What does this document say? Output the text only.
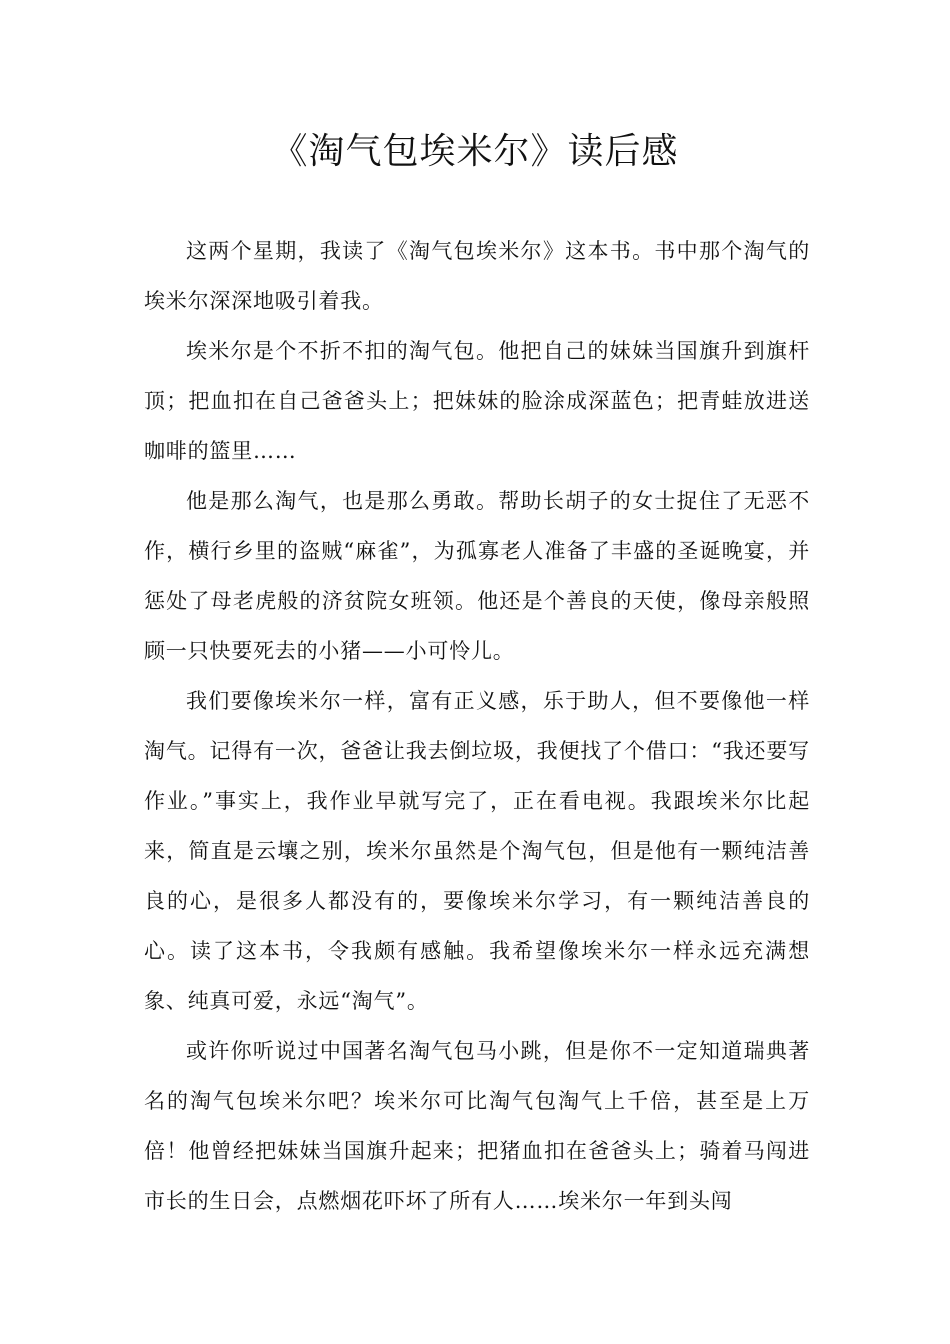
《淘气包埃米尔》读后感

这两个星期，我读了《淘气包埃米尔》这本书。书中那个淘气的埃米尔深深地吸引着我。

埃米尔是个不折不扣的淘气包。他把自己的妹妹当国旗升到旗杆顶；把血扣在自己爸爸头上；把妹妹的脸涂成深蓝色；把青蛙放进送咖啡的篮里……

他是那么淘气，也是那么勇敢。帮助长胡子的女士捉住了无恶不作，横行乡里的盗贼“麻雀”，为孤寡老人准备了丰盛的圣诞晚宴，并惩处了母老虎般的济贫院女班领。他还是个善良的天使，像母亲般照顾一只快要死去的小猪——小可怜儿。

我们要像埃米尔一样，富有正义感，乐于助人，但不要像他一样淘气。记得有一次，爸爸让我去倒垃圾，我便找了个借口：“我还要写作业。”事实上，我作业早就写完了，正在看电视。我跟埃米尔比起来，简直是云壤之别，埃米尔虽然是个淘气包，但是他有一颗纯洁善良的心，是很多人都没有的，要像埃米尔学习，有一颗纯洁善良的心。读了这本书，令我颇有感触。我希望像埃米尔一样永远充满想象、纯真可爱，永远“淘气”。

或许你听说过中国著名淘气包马小跳，但是你不一定知道瑞典著名的淘气包埃米尔吧？埃米尔可比淘气包淘气上千倍，甚至是上万倍！他曾经把妹妹当国旗升起来；把猪血扣在爸爸头上；骑着马闯进市长的生日会，点燃烟花吓坏了所有人……埃米尔一年到头闯
